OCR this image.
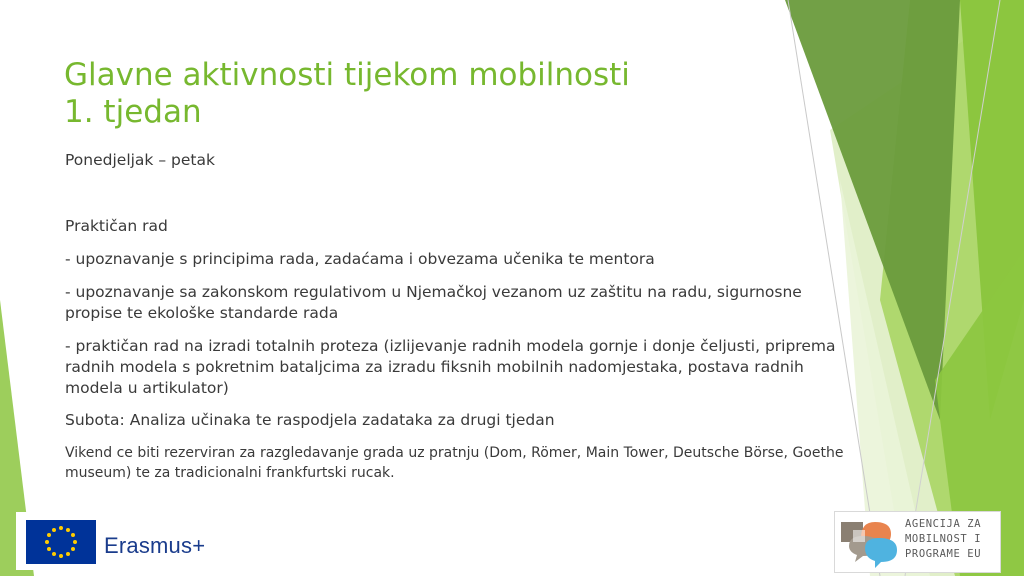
Glavne aktivnosti tijekom mobilnosti
1. tjedan

Ponedjeljak – petak

Praktičan rad

- upoznavanje s principima rada, zadaćama i obvezama učenika te mentora

- upoznavanje sa zakonskom regulativom u Njemačkoj vezanom uz zaštitu na radu, sigurnosne propise te ekološke standarde rada

- praktičan rad na izradi totalnih proteza (izlijevanje radnih modela gornje i donje čeljusti, priprema radnih modela s pokretnim bataljcima za izradu fiksnih mobilnih nadomjestaka, postava radnih modela u artikulator)

Subota: Analiza učinaka te raspodjela zadataka za drugi tjedan

Vikend ce biti rezerviran za razgledavanje grada uz pratnju (Dom, Römer, Main Tower, Deutsche Börse, Goethe museum) te za tradicionalni frankfurtski rucak.

Erasmus+
AGENCIJA ZA
MOBILNOST I
PROGRAME EU
